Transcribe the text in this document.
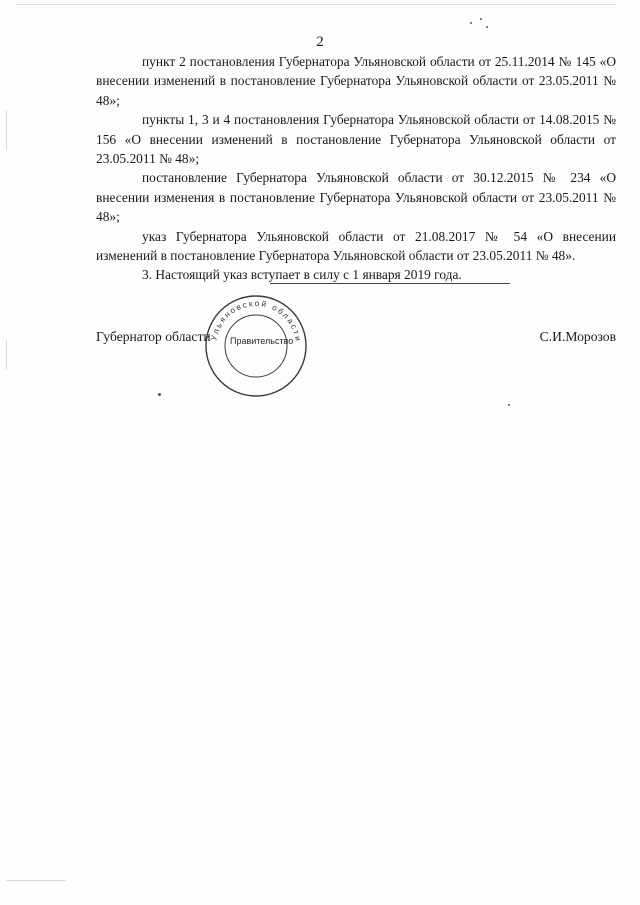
2

пункт 2 постановления Губернатора Ульяновской области от 25.11.2014 № 145 «О внесении изменений в постановление Губернатора Ульяновской области от 23.05.2011 № 48»;

пункты 1, 3 и 4 постановления Губернатора Ульяновской области от 14.08.2015 № 156 «О внесении изменений в постановление Губернатора Ульяновской области от 23.05.2011 № 48»;

постановление Губернатора Ульяновской области от 30.12.2015 № 234 «О внесении изменения в постановление Губернатора Ульяновской области от 23.05.2011 № 48»;

указ Губернатора Ульяновской области от 21.08.2017 № 54 «О внесении изменений в постановление Губернатора Ульяновской области от 23.05.2011 № 48».

3. Настоящий указ вступает в силу с 1 января 2019 года.

Губернатор области	С.И.Морозов
Ульяновской области
Правительство
